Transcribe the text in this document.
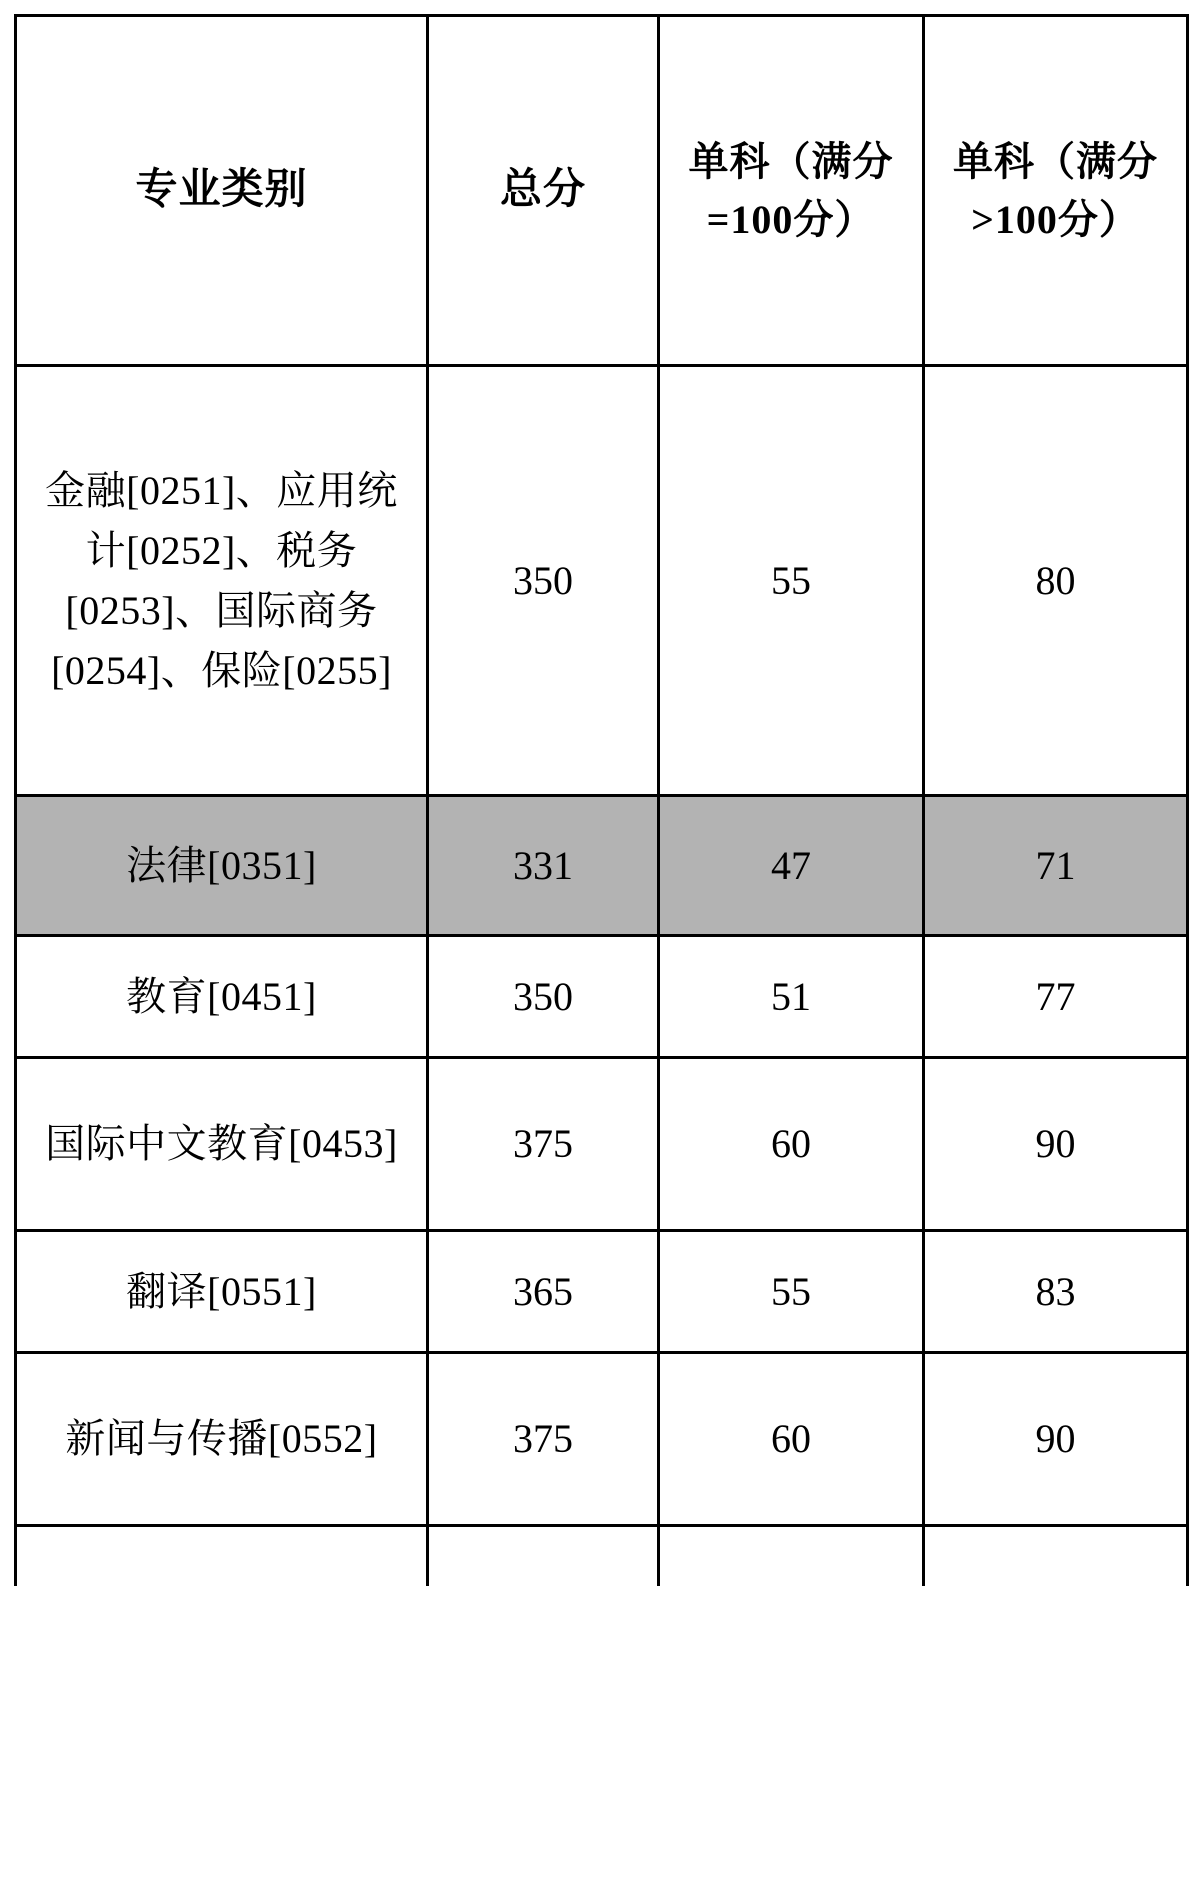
专业类别	总分	单科（满分=100分）	单科（满分>100分）
金融[0251]、应用统计[0252]、税务[0253]、国际商务[0254]、保险[0255]	350	55	80
法律[0351]	331	47	71
教育[0451]	350	51	77
国际中文教育[0453]	375	60	90
翻译[0551]	365	55	83
新闻与传播[0552]	375	60	90
